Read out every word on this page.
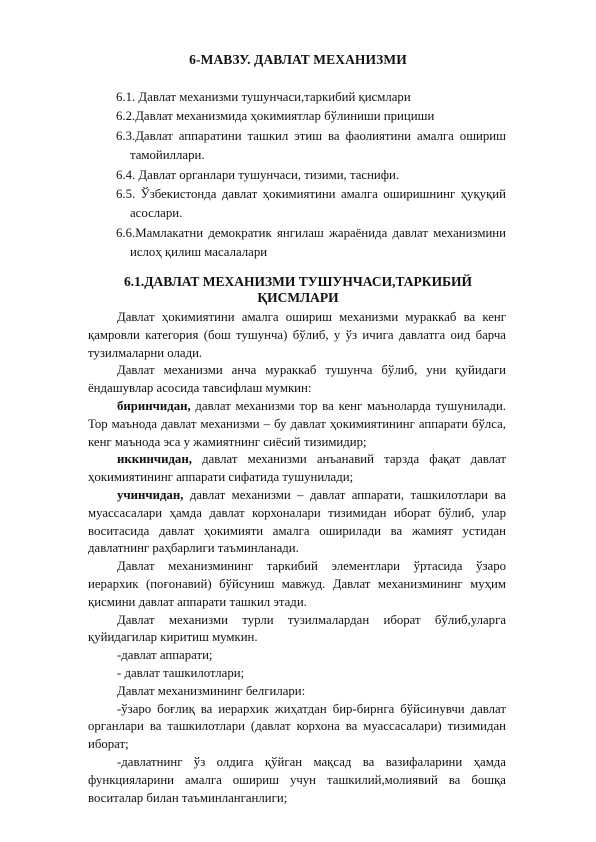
6-МАВЗУ. ДАВЛАТ МЕХАНИЗМИ
6.1. Давлат механизми тушунчаси,таркибий қисмлари
6.2.Давлат механизмида ҳокимиятлар бўлиниши прициши
6.3.Давлат аппаратини ташкил этиш ва фаолиятини амалга ошириш
тамойиллари.
6.4. Давлат органлари тушунчаси, тизими, таснифи.
6.5. Ўзбекистонда давлат ҳокимиятини амалга оширишнинг ҳуқуқий
асослари.
6.6.Мамлакатни демократик янгилаш жараёнида давлат механизмини
ислоҳ қилиш масалалари
6.1.ДАВЛАТ МЕХАНИЗМИ ТУШУНЧАСИ,ТАРКИБИЙ
ҚИСМЛАРИ

Давлат ҳокимиятини амалга ошириш механизми мураккаб ва кенг қамровли категория (бош тушунча) бўлиб, у ўз ичига давлатга оид барча тузилмаларни олади.

Давлат механизми анча мураккаб тушунча бўлиб, уни қуйидаги ёндашувлар асосида тавсифлаш мумкин:

биринчидан, давлат механизми тор ва кенг маъноларда тушунилади. Тор маънода давлат механизми – бу давлат ҳокимиятининг аппарати бўлса, кенг маънода эса у жамиятнинг сиёсий тизимидир;

иккинчидан, давлат механизми анъанавий тарзда фақат давлат ҳокимиятининг аппарати сифатида тушунилади;

учинчидан, давлат механизми – давлат аппарати, ташкилотлари ва муассасалари ҳамда давлат корхоналари тизимидан иборат бўлиб, улар воситасида давлат ҳокимияти амалга оширилади ва жамият устидан давлатнинг раҳбарлиги таъминланади.

Давлат механизмининг таркибий элементлари ўртасида ўзаро иерархик (поғонавий) бўйсуниш мавжуд. Давлат механизмининг муҳим қисмини давлат аппарати ташкил этади.

Давлат механизми турли тузилмалардан иборат бўлиб,уларга қуйидагилар киритиш мумкин.

-давлат аппарати;

- давлат ташкилотлари;

Давлат механизмининг белгилари:

-ўзаро боғлиқ ва иерархик жиҳатдан бир-бирнга бўйсинувчи давлат органлари ва ташкилотлари (давлат корхона ва муассасалари) тизимидан иборат;

-давлатнинг ўз олдига қўйган мақсад ва вазифаларини ҳамда функцияларини амалга ошириш учун ташкилий,молиявий ва бошқа воситалар билан таъминланганлиги;
